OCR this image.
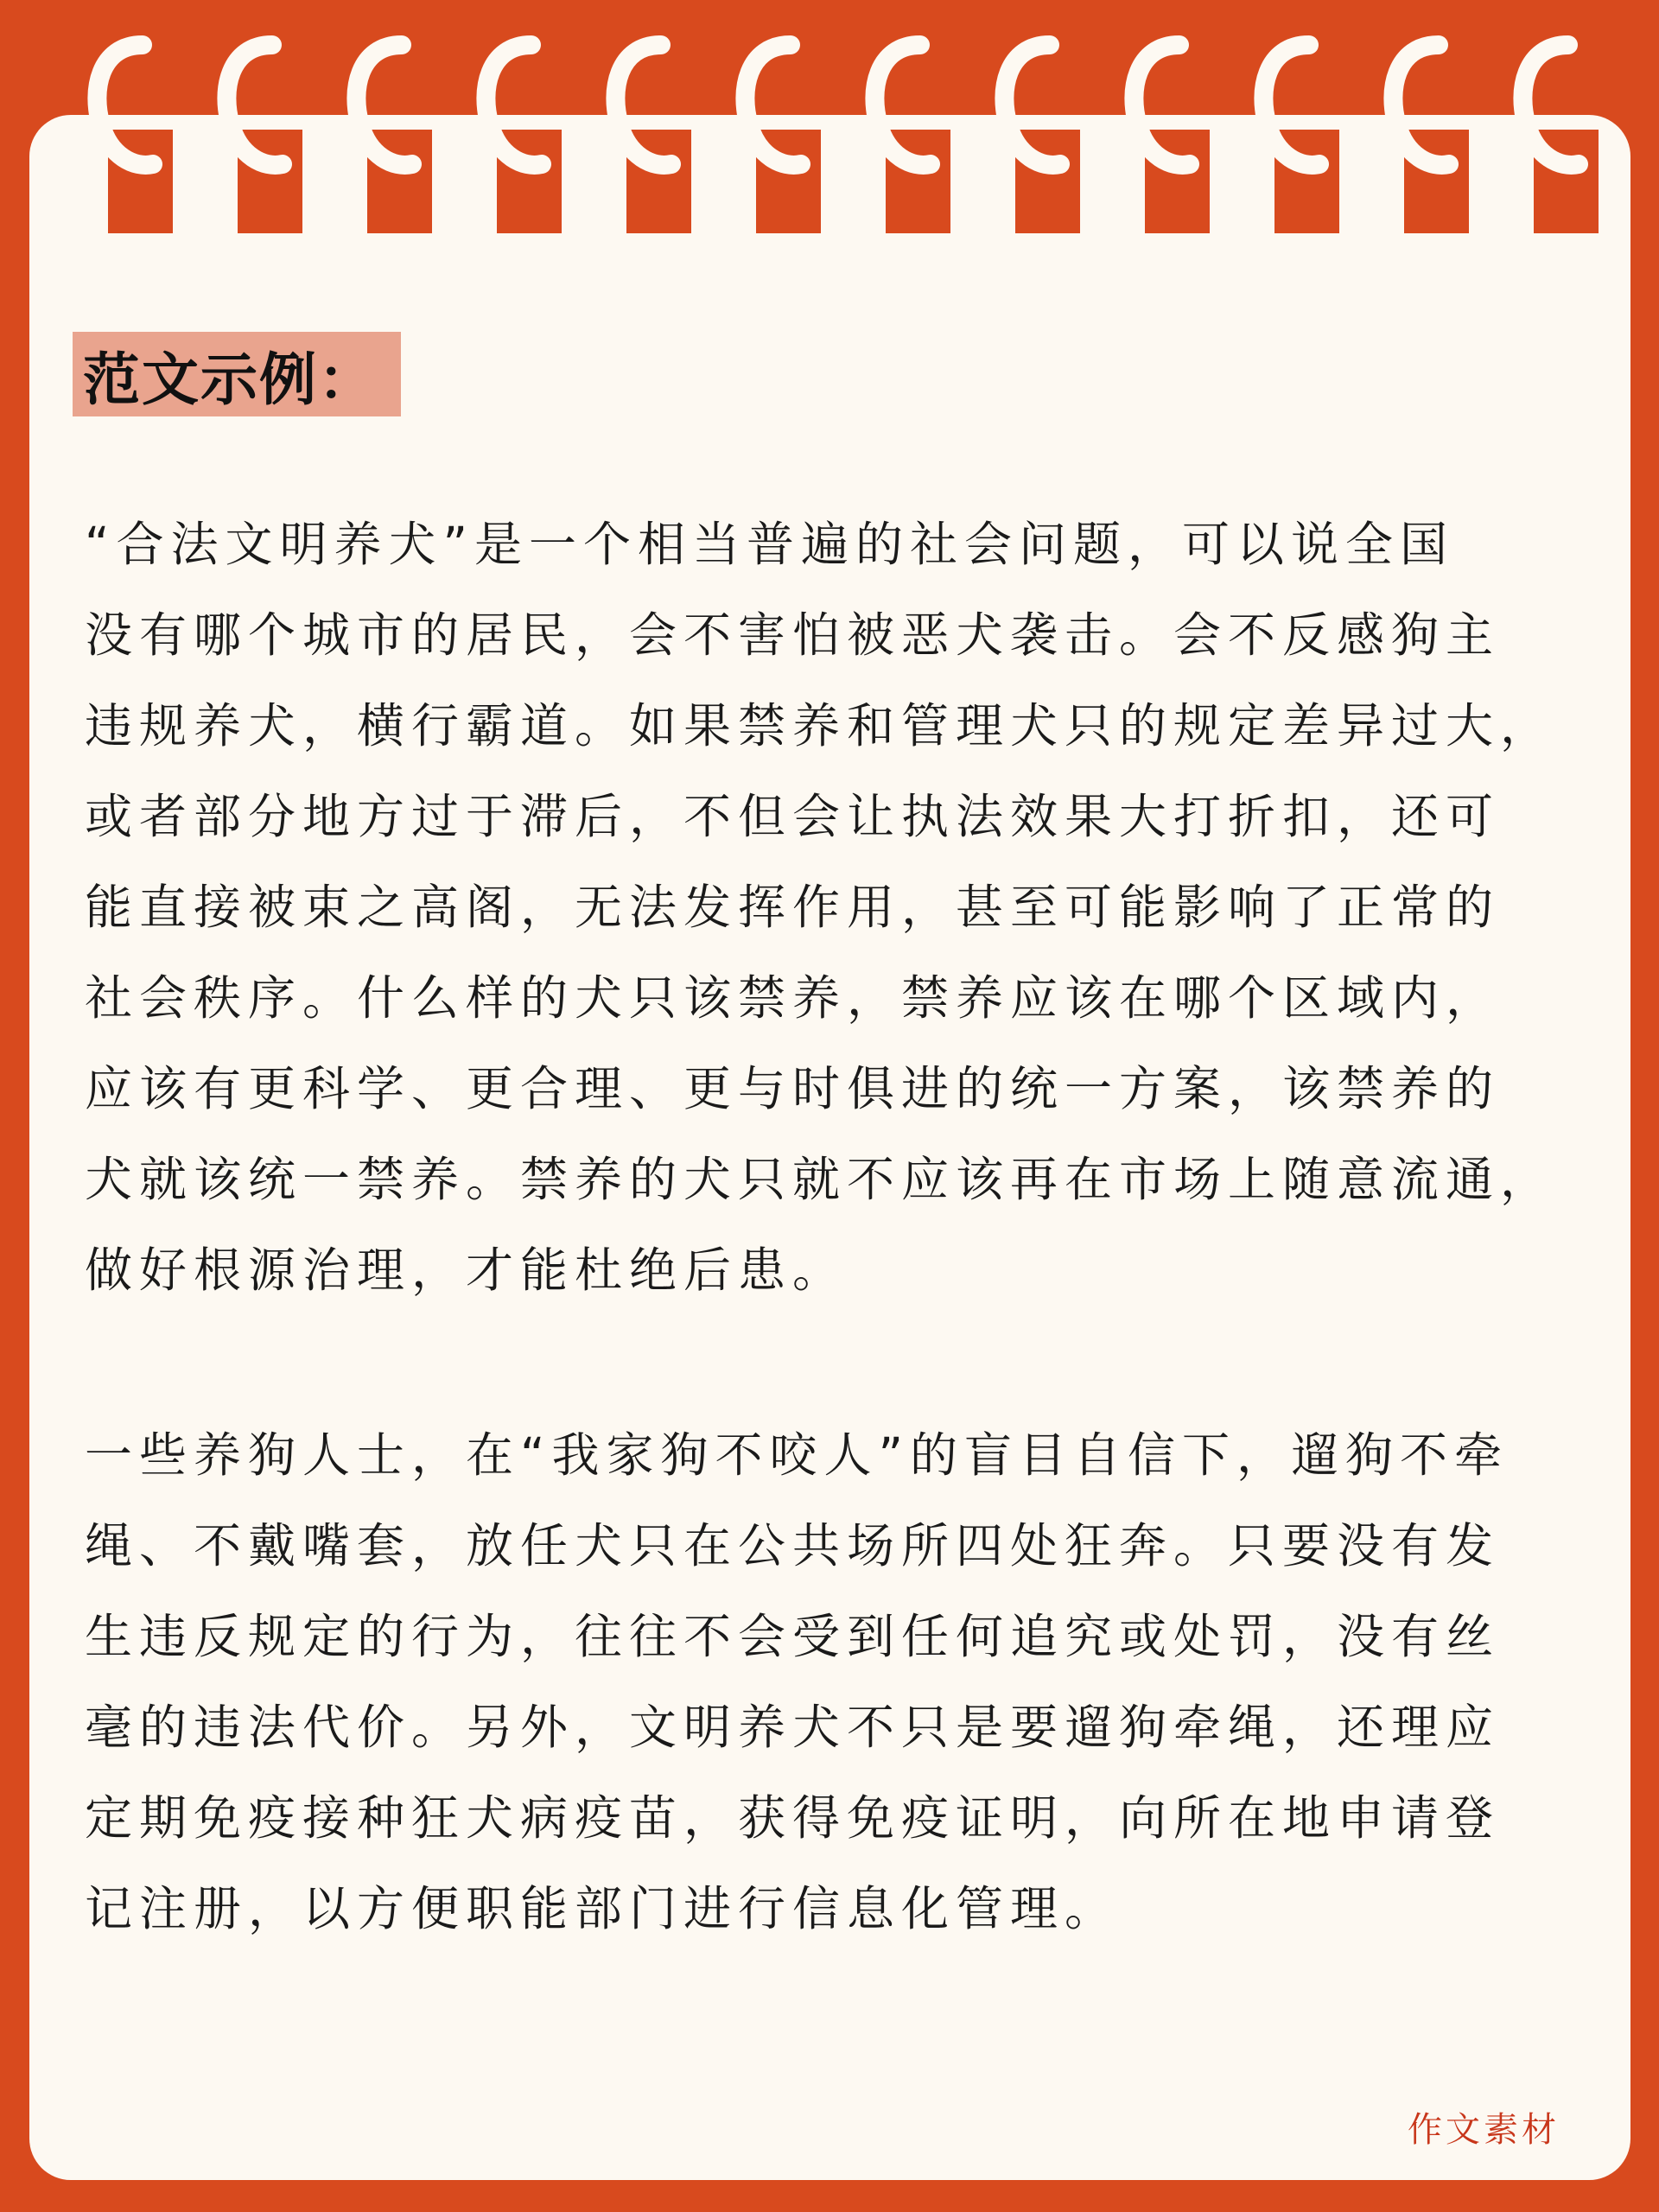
范文示例：
“合法文明养犬”是一个相当普遍的社会问题，可以说全国
没有哪个城市的居民，会不害怕被恶犬袭击。会不反感狗主
违规养犬，横行霸道。如果禁养和管理犬只的规定差异过大，
或者部分地方过于滞后，不但会让执法效果大打折扣，还可
能直接被束之高阁，无法发挥作用，甚至可能影响了正常的
社会秩序。什么样的犬只该禁养，禁养应该在哪个区域内，
应该有更科学、更合理、更与时俱进的统一方案，该禁养的
犬就该统一禁养。禁养的犬只就不应该再在市场上随意流通，
做好根源治理，才能杜绝后患。
一些养狗人士，在“我家狗不咬人”的盲目自信下，遛狗不牵
绳、不戴嘴套，放任犬只在公共场所四处狂奔。只要没有发
生违反规定的行为，往往不会受到任何追究或处罚，没有丝
毫的违法代价。另外，文明养犬不只是要遛狗牵绳，还理应
定期免疫接种狂犬病疫苗，获得免疫证明，向所在地申请登
记注册，以方便职能部门进行信息化管理。
作文素材
